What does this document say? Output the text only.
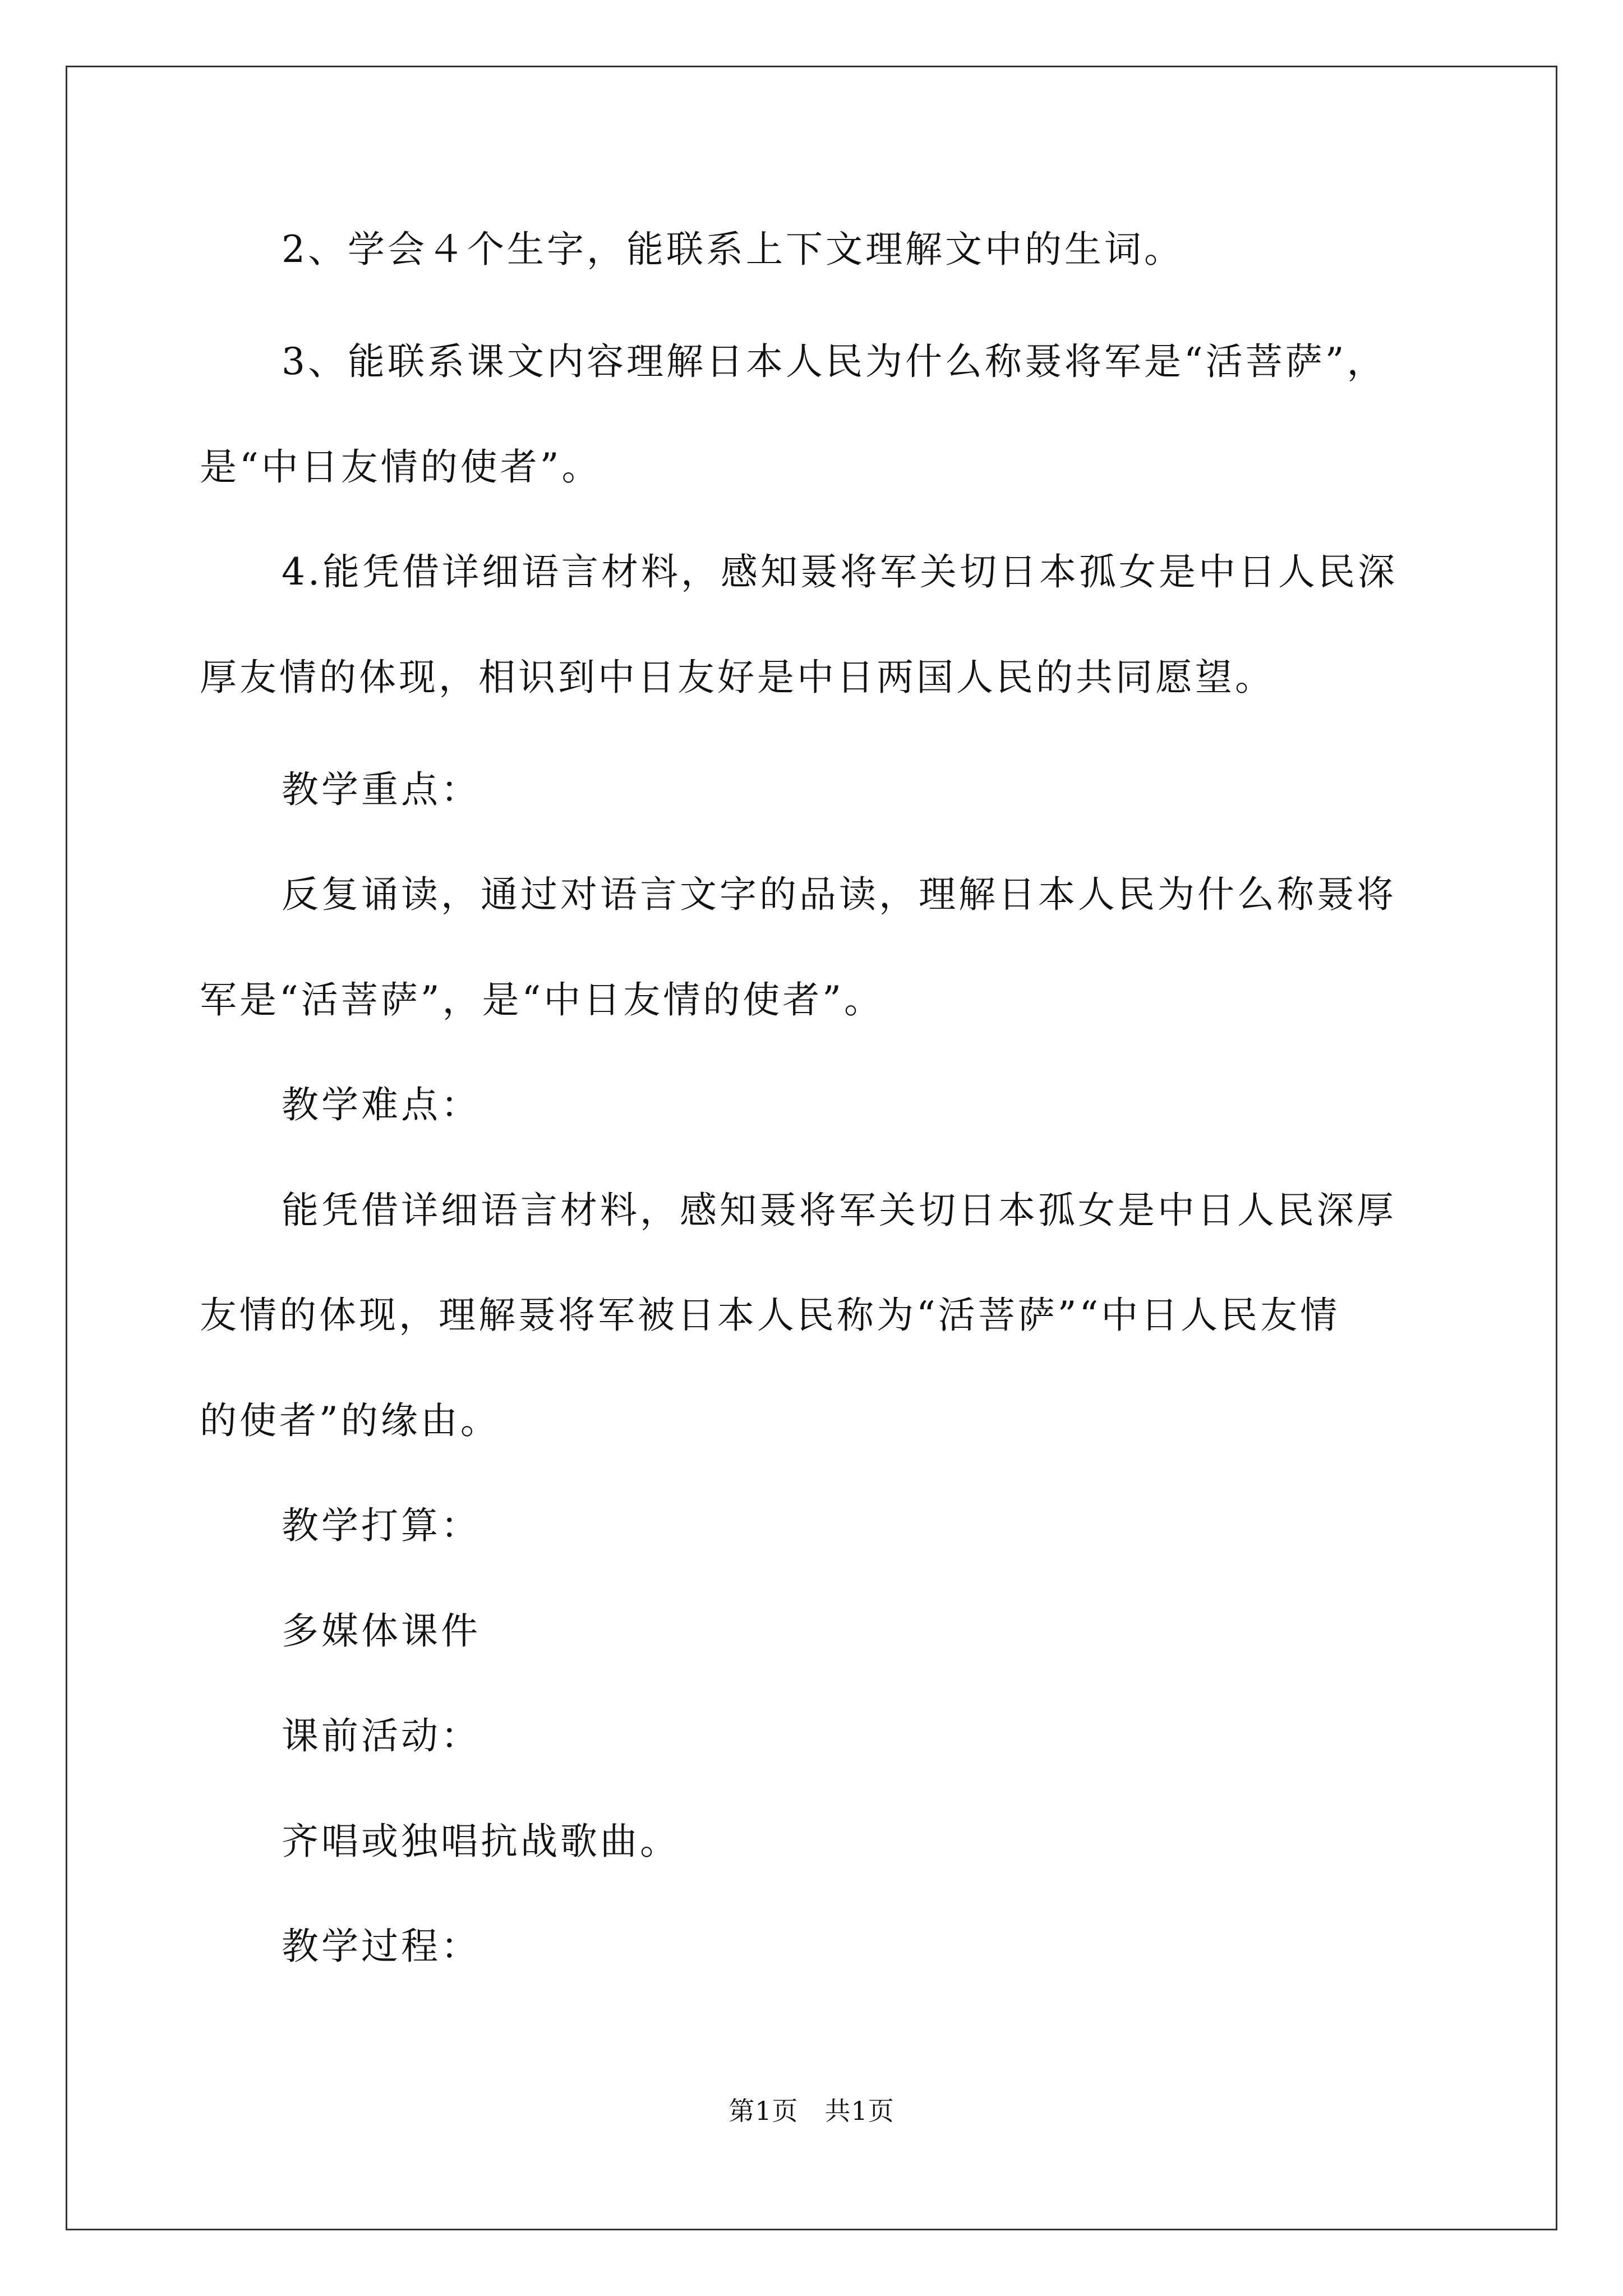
2、学会４个生字，能联系上下文理解文中的生词。
3、能联系课文内容理解日本人民为什么称聂将军是“活菩萨”，
是“中日友情的使者”。
4.能凭借详细语言材料，感知聂将军关切日本孤女是中日人民深
厚友情的体现，相识到中日友好是中日两国人民的共同愿望。
教学重点：
反复诵读，通过对语言文字的品读，理解日本人民为什么称聂将
军是“活菩萨”，是“中日友情的使者”。
教学难点：
能凭借详细语言材料，感知聂将军关切日本孤女是中日人民深厚
友情的体现，理解聂将军被日本人民称为“活菩萨”“中日人民友情
的使者”的缘由。
教学打算：
多媒体课件
课前活动：
齐唱或独唱抗战歌曲。
教学过程：
第1页　共1页
